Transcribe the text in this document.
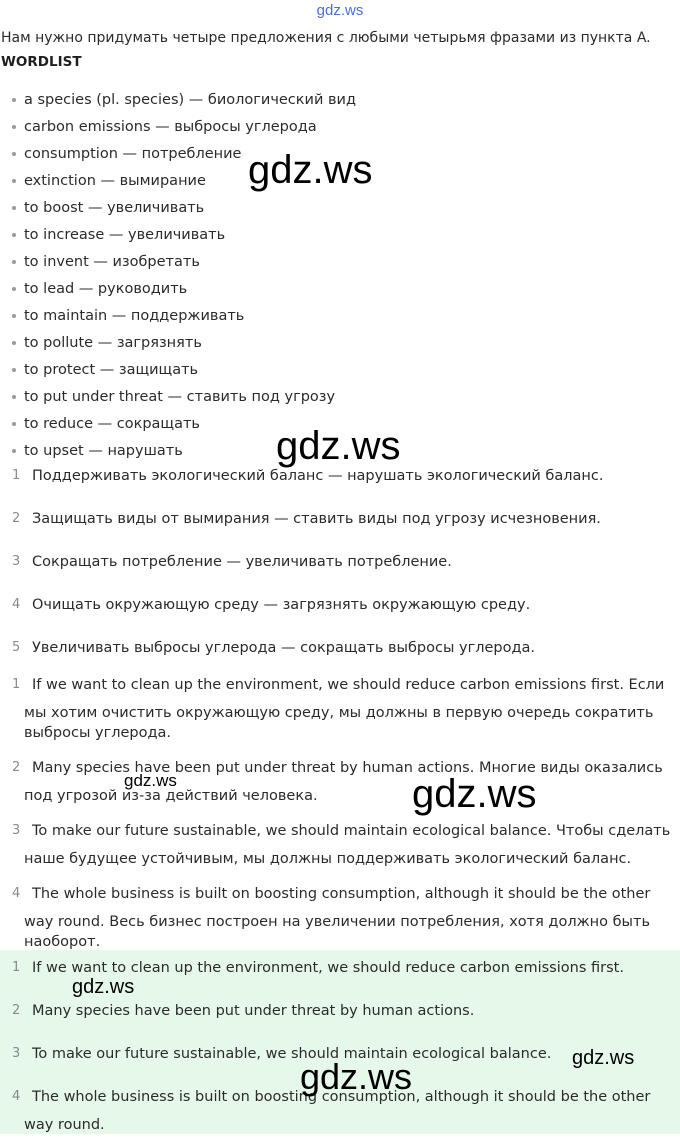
gdz.ws
Нам нужно придумать четыре предложения с любыми четырьмя фразами из пункта A.
WORDLIST
a species (pl. species) — биологический вид
carbon emissions — выбросы углерода
consumption — потребление
extinction — вымирание
to boost — увеличивать
to increase — увеличивать
to invent — изобретать
to lead — руководить
to maintain — поддерживать
to pollute — загрязнять
to protect — защищать
to put under threat — ставить под угрозу
to reduce — сокращать
to upset — нарушать
1 Поддерживать экологический баланс — нарушать экологический баланс.
2 Защищать виды от вымирания — ставить виды под угрозу исчезновения.
3 Сокращать потребление — увеличивать потребление.
4 Очищать окружающую среду — загрязнять окружающую среду.
5 Увеличивать выбросы углерода — сокращать выбросы углерода.
1 If we want to clean up the environment, we should reduce carbon emissions first. Если
мы хотим очистить окружающую среду, мы должны в первую очередь сократить выбросы углерода.
2 Many species have been put under threat by human actions. Многие виды оказались
под угрозой из-за действий человека.
3 To make our future sustainable, we should maintain ecological balance. Чтобы сделать
наше будущее устойчивым, мы должны поддерживать экологический баланс.
4 The whole business is built on boosting consumption, although it should be the other
way round. Весь бизнес построен на увеличении потребления, хотя должно быть наоборот.
1 If we want to clean up the environment, we should reduce carbon emissions first.
2 Many species have been put under threat by human actions.
3 To make our future sustainable, we should maintain ecological balance.
4 The whole business is built on boosting consumption, although it should be the other
way round.
gdz.ws
gdz.ws
gdz.ws	gdz.ws
gdz.ws
gdz.ws
gdz.ws
